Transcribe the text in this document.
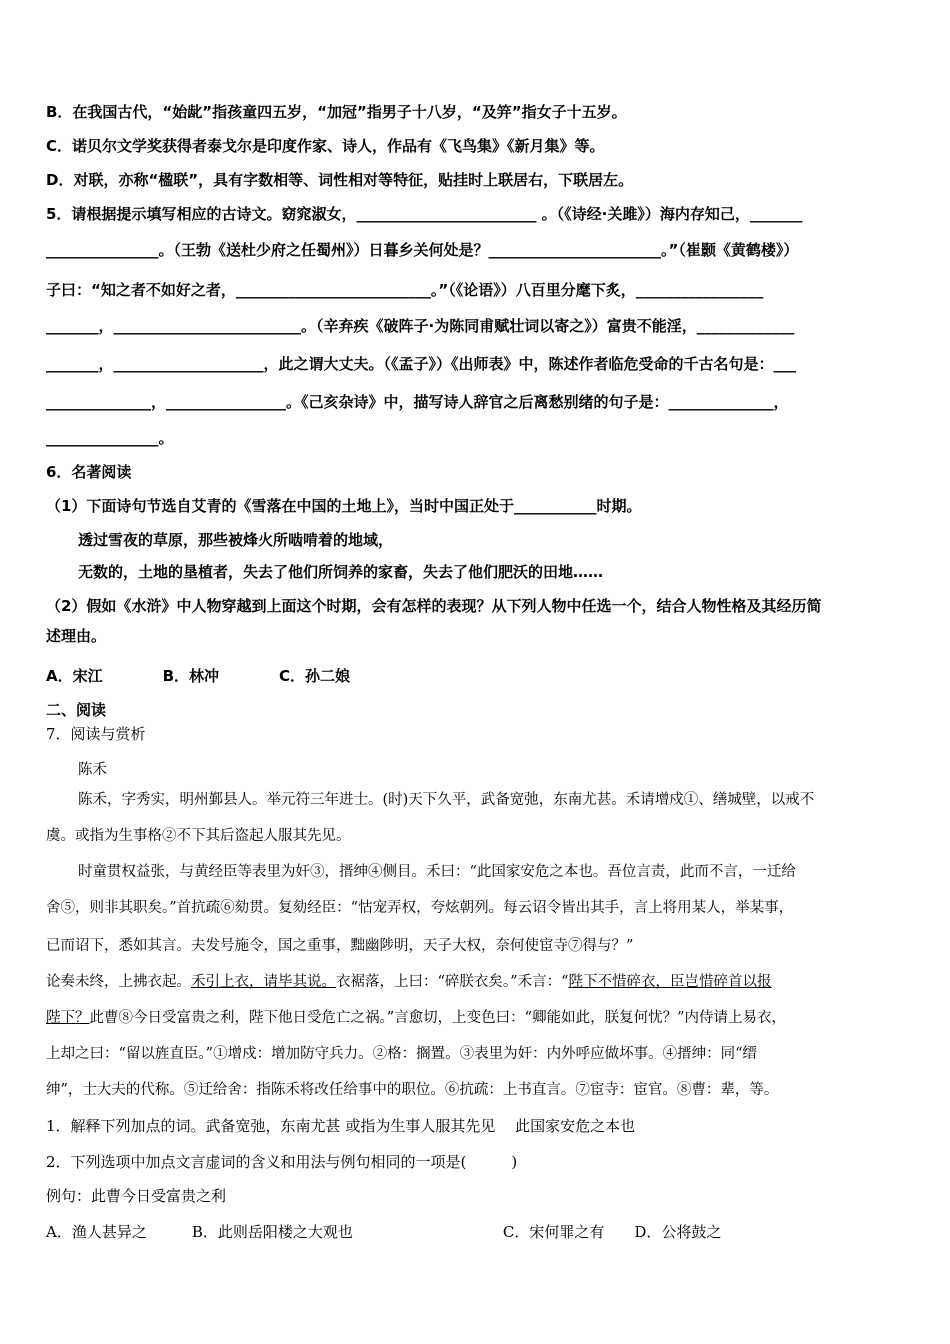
B．在我国古代，“始龀”指孩童四五岁，“加冠”指男子十八岁，“及笄”指女子十五岁。
C．诺贝尔文学奖获得者泰戈尔是印度作家、诗人，作品有《飞鸟集》《新月集》等。
D．对联，亦称“楹联”，具有字数相等、词性相对等特征，贴挂时上联居右，下联居左。
5．请根据提示填写相应的古诗文。窈窕淑女，________________________ 。（《诗经·关雎》）海内存知己，_______
_______________。（王勃《送杜少府之任蜀州》）日暮乡关何处是？_______________________。”（崔颢《黄鹤楼》）
子曰：“知之者不如好之者，__________________________。”（《论语》）八百里分麾下炙，_________________
_______，_________________________。（辛弃疾《破阵子·为陈同甫赋壮词以寄之》）富贵不能淫，_____________
_______，____________________，此之谓大丈夫。（《孟子》）《出师表》中，陈述作者临危受命的千古名句是：___
______________，________________。《己亥杂诗》中，描写诗人辞官之后离愁别绪的句子是：______________，
_______________。
6．名著阅读
（1）下面诗句节选自艾青的《雪落在中国的土地上》，当时中国正处于___________时期。
透过雪夜的草原，那些被烽火所啮啃着的地域，
无数的，土地的垦植者，失去了他们所饲养的家畜，失去了他们肥沃的田地……
（2）假如《水浒》中人物穿越到上面这个时期，会有怎样的表现？从下列人物中任选一个，结合人物性格及其经历简
述理由。
A．宋江　　　　B．林冲　　　　C．孙二娘
二、阅读
7．阅读与赏析
陈禾
陈禾，字秀实，明州鄞县人。举元符三年进士。(时)天下久平，武备宽弛，东南尤甚。禾请增戍①、缮城壁，以戒不
虞。或指为生事格②不下其后盗起人服其先见。
时童贯权益张，与黄经臣等表里为奸③，搢绅④侧目。禾曰：“此国家安危之本也。吾位言责，此而不言，一迁给
舍⑤，则非其职矣。”首抗疏⑥劾贯。复劾经臣：“怙宠弄权，夸炫朝列。每云诏令皆出其手，言上将用某人，举某事，
已而诏下，悉如其言。夫发号施令，国之重事，黜幽陟明，天子大权，奈何使宦寺⑦得与？”
论奏未终，上拂衣起。禾引上衣，请毕其说。衣裾落，上曰：“碎朕衣矣。”禾言：“陛下不惜碎衣，臣岂惜碎首以报
陛下？此曹⑧今日受富贵之利，陛下他日受危亡之祸。”言愈切，上变色曰：“卿能如此，朕复何忧？”内侍请上易衣，
上却之曰：“留以旌直臣。”①增戍：增加防守兵力。②格：搁置。③表里为奸：内外呼应做坏事。④搢绅：同“缙
绅”，士大夫的代称。⑤迁给舍：指陈禾将改任给事中的职位。⑥抗疏：上书直言。⑦宦寺：宦官。⑧曹：辈，等。
1．解释下列加点的词。武备宽弛，东南尤甚 或指为生事人服其先见　 此国家安危之本也
2．下列选项中加点文言虚词的含义和用法与例句相同的一项是(　　　)
例句：此曹今日受富贵之利
A．渔人甚异之　　　B．此则岳阳楼之大观也　　　　　　　　　　C．宋何罪之有　　D．公将鼓之
